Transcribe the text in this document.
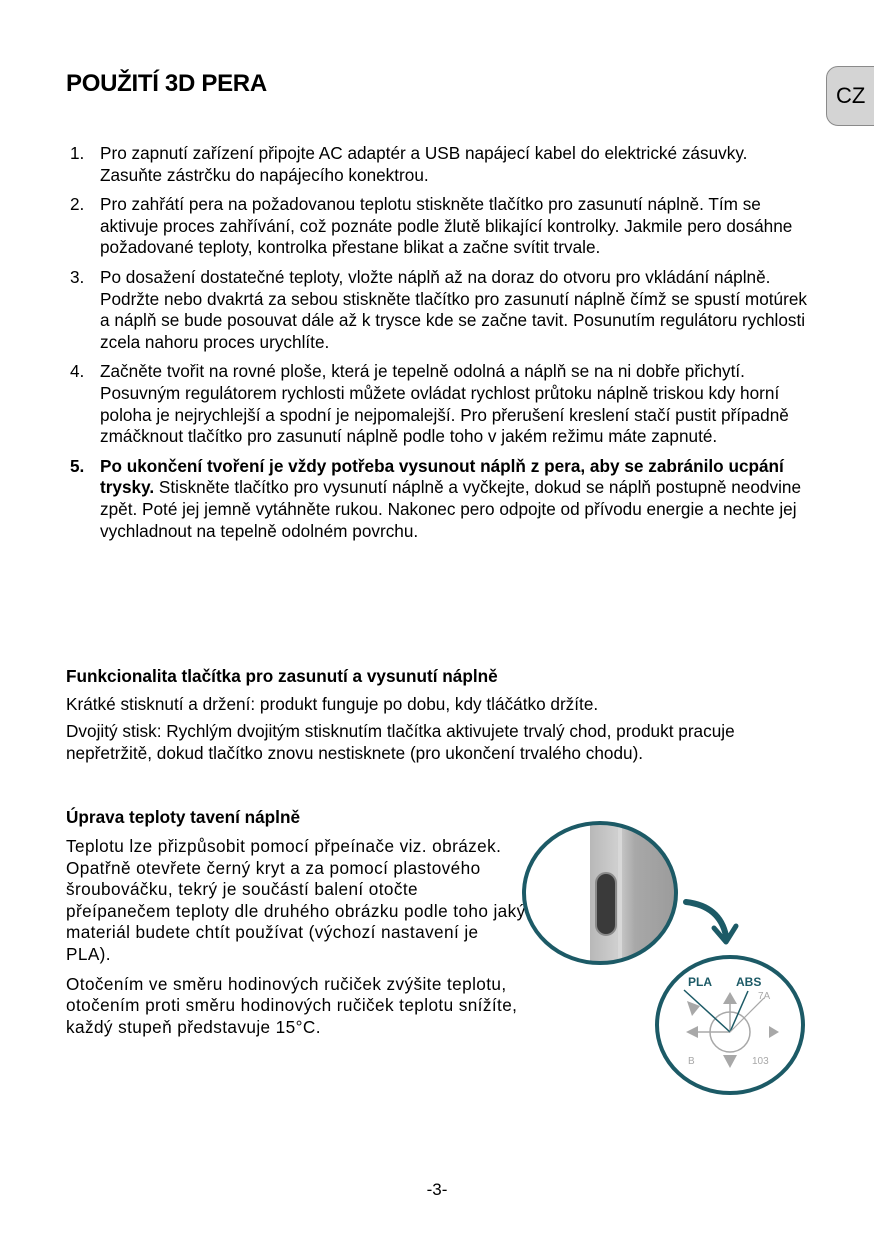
POUŽITÍ 3D PERA	CZ
1. Pro zapnutí zařízení připojte AC adaptér a USB napájecí kabel do elektrické zásuvky. Zasuňte zástrčku do napájecího konektrou.
2. Pro zahřátí pera na požadovanou teplotu stiskněte tlačítko pro zasunutí náplně. Tím se aktivuje proces zahřívání, což poznáte podle žlutě blikající kontrolky. Jakmile pero dosáhne požadované teploty, kontrolka přestane blikat a začne svítit trvale.
3. Po dosažení dostatečné teploty, vložte náplň až na doraz do otvoru pro vkládání náplně. Podržte nebo dvakrtá za sebou stiskněte tlačítko pro zasunutí náplně čímž se spustí motúrek a náplň se bude posouvat dále až k trysce kde se začne tavit. Posunutím regulátoru rychlosti zcela nahoru proces urychlíte.
4. Začněte tvořit na rovné ploše, která je tepelně odolná a náplň se na ni dobře přichytí. Posuvným regulátorem rychlosti můžete ovládat rychlost průtoku náplně triskou kdy horní poloha je nejrychlejší a spodní je nejpomalejší. Pro přerušení kreslení stačí pustit případně zmáčknout tlačítko pro zasunutí náplně podle toho v jakém režimu máte zapnuté.
5. Po ukončení tvoření je vždy potřeba vysunout náplň z pera, aby se zabránilo ucpání trysky. Stiskněte tlačítko pro vysunutí náplně a vyčkejte, dokud se náplň postupně neodvine zpět. Poté jej jemně vytáhněte rukou. Nakonec pero odpojte od přívodu energie a nechte jej vychladnout na tepelně odolném povrchu.
Funkcionalita tlačítka pro zasunutí a vysunutí náplně

Krátké stisknutí a držení: produkt funguje po dobu, kdy tláčátko držíte.

Dvojitý stisk: Rychlým dvojitým stisknutím tlačítka aktivujete trvalý chod, produkt pracuje nepřetržitě, dokud tlačítko znovu nestisknete (pro ukončení trvalého chodu).

Úprava teploty tavení náplně

Teplotu lze přizpůsobit pomocí přpeínače viz. obrázek. Opatřně otevřete černý kryt a za pomocí plastového šroubováčku, tekrý je součástí balení otočte přeípanečem teploty dle druhého obrázku podle toho jaký materiál budete chtít používat (výchozí nastavení je PLA).

Otočením ve směru hodinových ručiček zvýšite teplotu, otočením proti směru hodinových ručiček teplotu snížíte, každý stupeň představuje 15°C.

PLA ABS
7A
B	103
-3-
